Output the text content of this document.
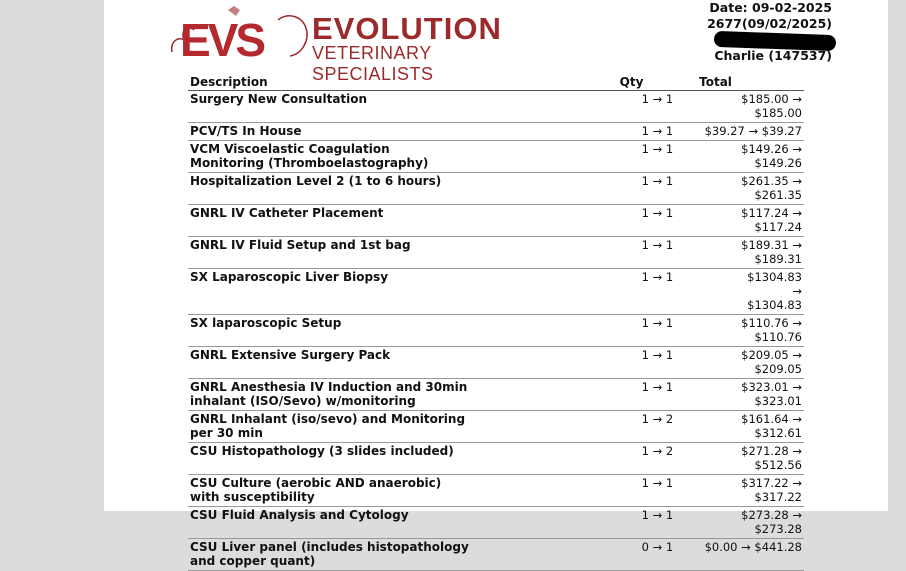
EVS EVOLUTION
VETERINARY SPECIALISTS
Date: 09-02-2025
2677(09/02/2025)
Charlie (147537)
Description	Qty	Total
Surgery New Consultation	1 → 1	$185.00 → $185.00
PCV/TS In House	1 → 1	$39.27 → $39.27
VCM Viscoelastic Coagulation Monitoring (Thromboelastography)	1 → 1	$149.26 → $149.26
Hospitalization Level 2 (1 to 6 hours)	1 → 1	$261.35 → $261.35
GNRL IV Catheter Placement	1 → 1	$117.24 → $117.24
GNRL IV Fluid Setup and 1st bag	1 → 1	$189.31 → $189.31
SX Laparoscopic Liver Biopsy	1 → 1	$1304.83 → $1304.83
SX laparoscopic Setup	1 → 1	$110.76 → $110.76
GNRL Extensive Surgery Pack	1 → 1	$209.05 → $209.05
GNRL Anesthesia IV Induction and 30min inhalant (ISO/Sevo) w/monitoring	1 → 1	$323.01 → $323.01
GNRL Inhalant (iso/sevo) and Monitoring per 30 min	1 → 2	$161.64 → $312.61
CSU Histopathology (3 slides included)	1 → 2	$271.28 → $512.56
CSU Culture (aerobic AND anaerobic) with susceptibility	1 → 1	$317.22 → $317.22
CSU Fluid Analysis and Cytology	1 → 1	$273.28 → $273.28
CSU Liver panel (includes histopathology and copper quant)	0 → 1	$0.00 → $441.28
